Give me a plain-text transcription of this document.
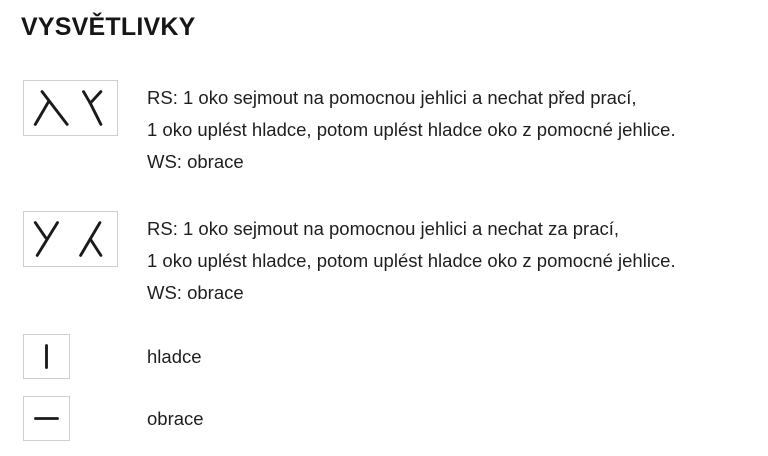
VYSVĚTLIVKY
RS: 1 oko sejmout na pomocnou jehlici a nechat před prací,
1 oko uplést hladce, potom uplést hladce oko z pomocné jehlice.
WS: obrace
RS: 1 oko sejmout na pomocnou jehlici a nechat za prací,
1 oko uplést hladce, potom uplést hladce oko z pomocné jehlice.
WS: obrace
hladce
obrace
